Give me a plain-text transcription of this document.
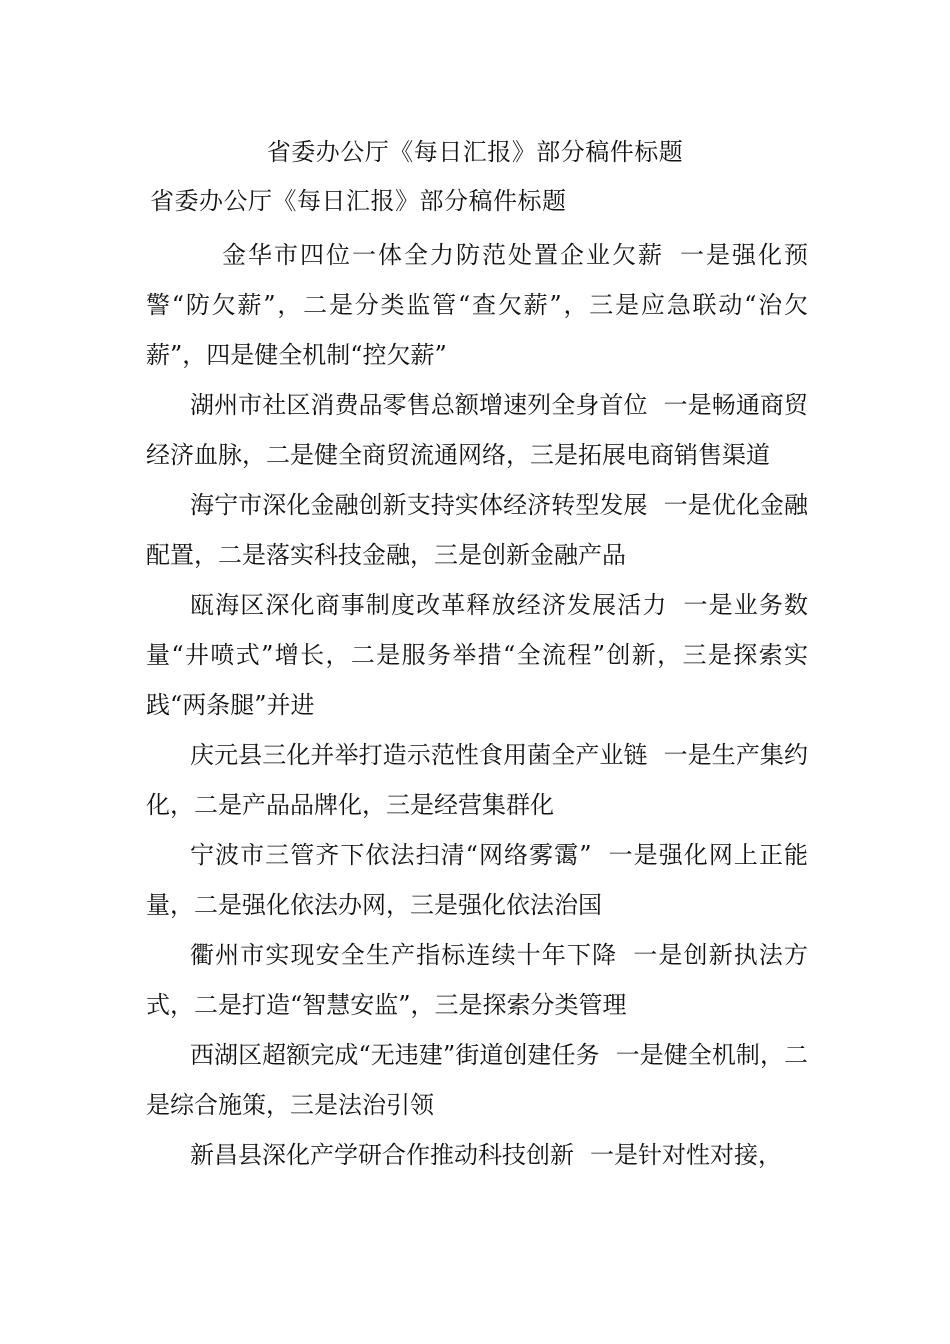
省委办公厅《每日汇报》部分稿件标题
省委办公厅《每日汇报》部分稿件标题

金华市四位一体全力防范处置企业欠薪 一是强化预警“防欠薪”，二是分类监管“查欠薪”，三是应急联动“治欠薪”，四是健全机制“控欠薪”

湖州市社区消费品零售总额增速列全身首位 一是畅通商贸经济血脉，二是健全商贸流通网络，三是拓展电商销售渠道

海宁市深化金融创新支持实体经济转型发展 一是优化金融配置，二是落实科技金融，三是创新金融产品

瓯海区深化商事制度改革释放经济发展活力 一是业务数量“井喷式”增长，二是服务举措“全流程”创新，三是探索实践“两条腿”并进

庆元县三化并举打造示范性食用菌全产业链 一是生产集约化，二是产品品牌化，三是经营集群化

宁波市三管齐下依法扫清“网络雾霭” 一是强化网上正能量，二是强化依法办网，三是强化依法治国

衢州市实现安全生产指标连续十年下降 一是创新执法方式，二是打造“智慧安监”，三是探索分类管理

西湖区超额完成“无违建”街道创建任务 一是健全机制，二是综合施策，三是法治引领

新昌县深化产学研合作推动科技创新 一是针对性对接，
